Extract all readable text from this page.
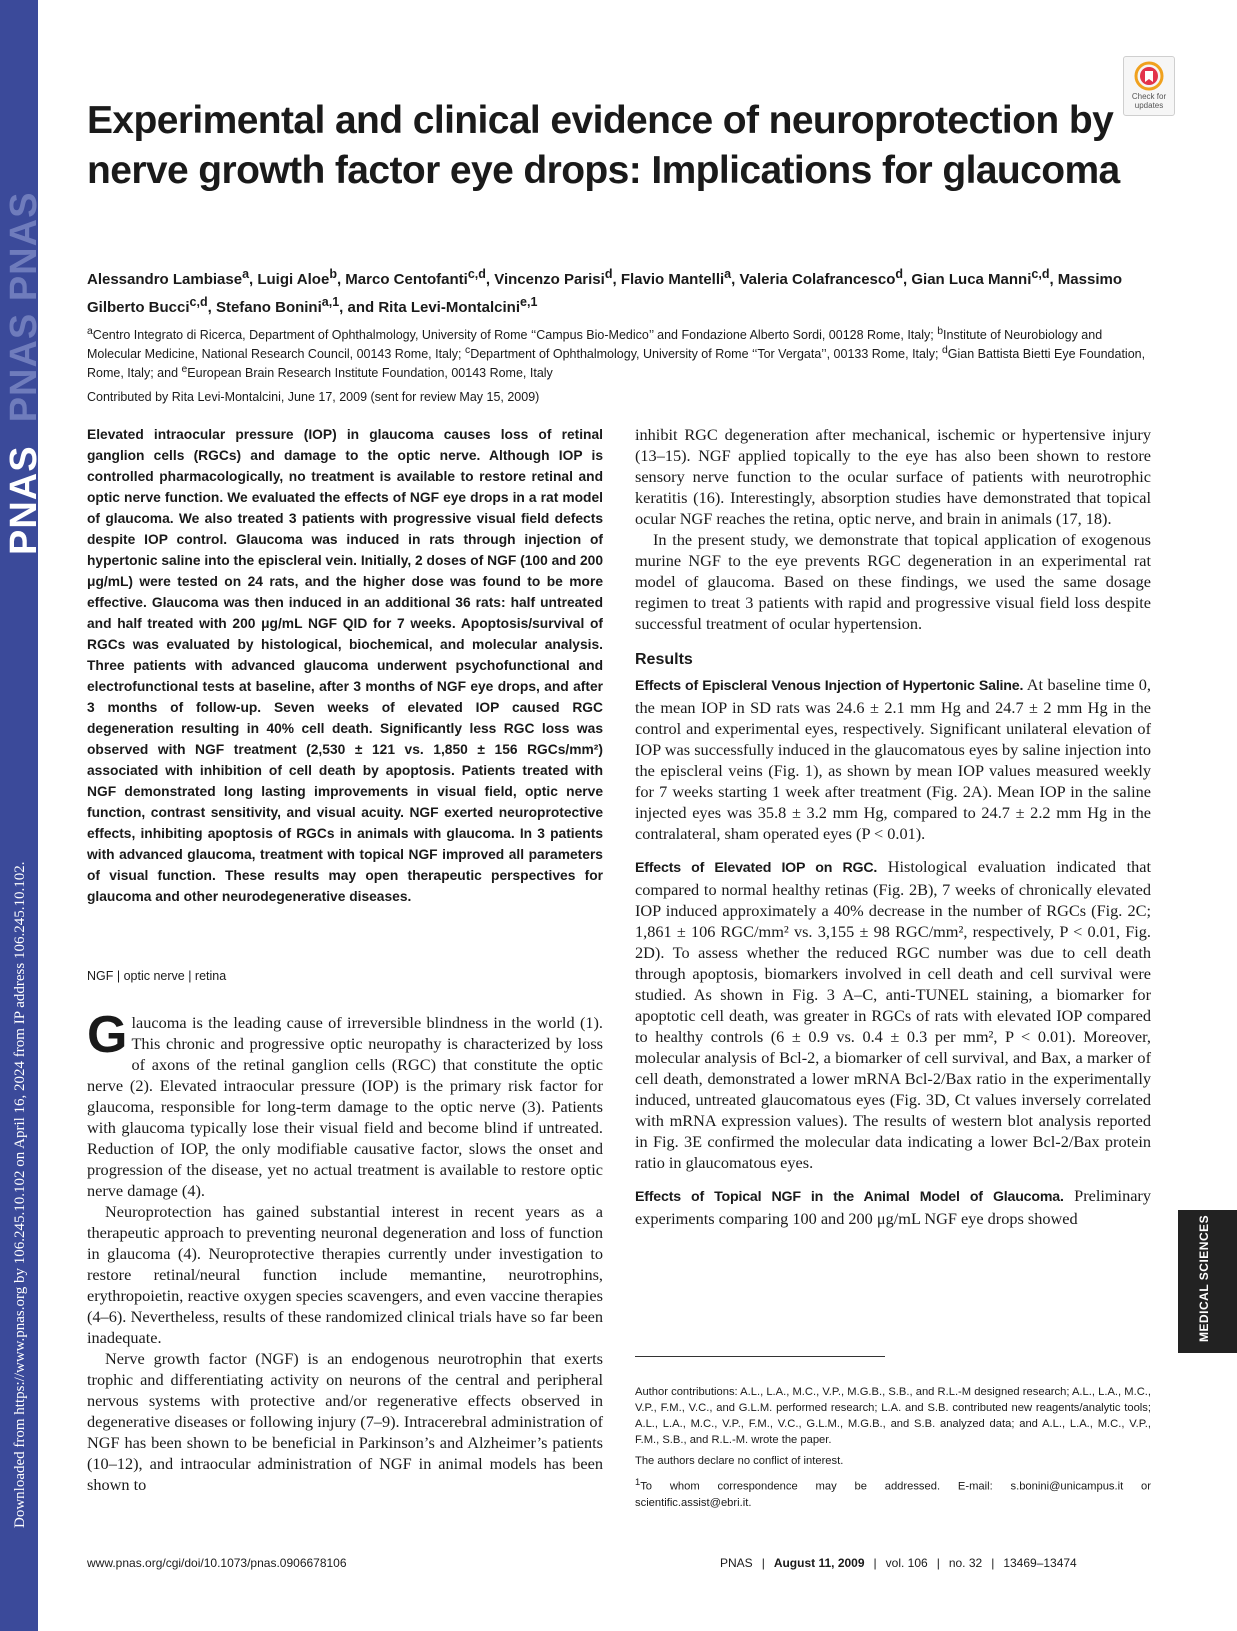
PNAS  PNAS PNAS
Downloaded from https://www.pnas.org by 106.245.10.102 on April 16, 2024 from IP address 106.245.10.102.
Check for
updates
Experimental and clinical evidence of neuroprotection by nerve growth factor eye drops: Implications for glaucoma
Alessandro Lambiase$^a$, Luigi Aloe$^b$, Marco Centofanti$^{c,d}$, Vincenzo Parisi$^d$, Flavio Mantelli$^a$, Valeria Colafrancesco$^d$, Gian Luca Manni$^{c,d}$, Massimo Gilberto Bucci$^{c,d}$, Stefano Bonini$^{a,1}$, and Rita Levi-Montalcini$^{e,1}$
$^a$Centro Integrato di Ricerca, Department of Ophthalmology, University of Rome ‘‘Campus Bio-Medico’’ and Fondazione Alberto Sordi, 00128 Rome, Italy; $^b$Institute of Neurobiology and Molecular Medicine, National Research Council, 00143 Rome, Italy; $^c$Department of Ophthalmology, University of Rome ‘‘Tor Vergata’’, 00133 Rome, Italy; $^d$Gian Battista Bietti Eye Foundation, Rome, Italy; and $^e$European Brain Research Institute Foundation, 00143 Rome, Italy
Contributed by Rita Levi-Montalcini, June 17, 2009 (sent for review May 15, 2009)

Elevated intraocular pressure (IOP) in glaucoma causes loss of retinal ganglion cells (RGCs) and damage to the optic nerve. Although IOP is controlled pharmacologically, no treatment is available to restore retinal and optic nerve function. We evaluated the effects of NGF eye drops in a rat model of glaucoma. We also treated 3 patients with progressive visual field defects despite IOP control. Glaucoma was induced in rats through injection of hypertonic saline into the episcleral vein. Initially, 2 doses of NGF (100 and 200 μg/mL) were tested on 24 rats, and the higher dose was found to be more effective. Glaucoma was then induced in an additional 36 rats: half untreated and half treated with 200 μg/mL NGF QID for 7 weeks. Apoptosis/survival of RGCs was evaluated by histological, biochemical, and molecular analysis. Three patients with advanced glaucoma underwent psychofunctional and electrofunctional tests at baseline, after 3 months of NGF eye drops, and after 3 months of follow-up. Seven weeks of elevated IOP caused RGC degeneration resulting in 40% cell death. Significantly less RGC loss was observed with NGF treatment (2,530 ± 121 vs. 1,850 ± 156 RGCs/mm²) associated with inhibition of cell death by apoptosis. Patients treated with NGF demonstrated long lasting improvements in visual field, optic nerve function, contrast sensitivity, and visual acuity. NGF exerted neuroprotective effects, inhibiting apoptosis of RGCs in animals with glaucoma. In 3 patients with advanced glaucoma, treatment with topical NGF improved all parameters of visual function. These results may open therapeutic perspectives for glaucoma and other neurodegenerative diseases.

NGF | optic nerve | retina

Glaucoma is the leading cause of irreversible blindness in the world (1). This chronic and progressive optic neuropathy is characterized by loss of axons of the retinal ganglion cells (RGC) that constitute the optic nerve (2). Elevated intraocular pressure (IOP) is the primary risk factor for glaucoma, responsible for long-term damage to the optic nerve (3). Patients with glaucoma typically lose their visual field and become blind if untreated. Reduction of IOP, the only modifiable causative factor, slows the onset and progression of the disease, yet no actual treatment is available to restore optic nerve damage (4).

Neuroprotection has gained substantial interest in recent years as a therapeutic approach to preventing neuronal degeneration and loss of function in glaucoma (4). Neuroprotective therapies currently under investigation to restore retinal/neural function include memantine, neurotrophins, erythropoietin, reactive oxygen species scavengers, and even vaccine therapies (4–6). Nevertheless, results of these randomized clinical trials have so far been inadequate.

Nerve growth factor (NGF) is an endogenous neurotrophin that exerts trophic and differentiating activity on neurons of the central and peripheral nervous systems with protective and/or regenerative effects observed in degenerative diseases or following injury (7–9). Intracerebral administration of NGF has been shown to be beneficial in Parkinson’s and Alzheimer’s patients (10–12), and intraocular administration of NGF in animal models has been shown to

inhibit RGC degeneration after mechanical, ischemic or hypertensive injury (13–15). NGF applied topically to the eye has also been shown to restore sensory nerve function to the ocular surface of patients with neurotrophic keratitis (16). Interestingly, absorption studies have demonstrated that topical ocular NGF reaches the retina, optic nerve, and brain in animals (17, 18).

In the present study, we demonstrate that topical application of exogenous murine NGF to the eye prevents RGC degeneration in an experimental rat model of glaucoma. Based on these findings, we used the same dosage regimen to treat 3 patients with rapid and progressive visual field loss despite successful treatment of ocular hypertension.

Results

Effects of Episcleral Venous Injection of Hypertonic Saline. At baseline time 0, the mean IOP in SD rats was 24.6 ± 2.1 mm Hg and 24.7 ± 2 mm Hg in the control and experimental eyes, respectively. Significant unilateral elevation of IOP was successfully induced in the glaucomatous eyes by saline injection into the episcleral veins (Fig. 1), as shown by mean IOP values measured weekly for 7 weeks starting 1 week after treatment (Fig. 2A). Mean IOP in the saline injected eyes was 35.8 ± 3.2 mm Hg, compared to 24.7 ± 2.2 mm Hg in the contralateral, sham operated eyes (P < 0.01).

Effects of Elevated IOP on RGC. Histological evaluation indicated that compared to normal healthy retinas (Fig. 2B), 7 weeks of chronically elevated IOP induced approximately a 40% decrease in the number of RGCs (Fig. 2C; 1,861 ± 106 RGC/mm² vs. 3,155 ± 98 RGC/mm², respectively, P < 0.01, Fig. 2D). To assess whether the reduced RGC number was due to cell death through apoptosis, biomarkers involved in cell death and cell survival were studied. As shown in Fig. 3 A–C, anti-TUNEL staining, a biomarker for apoptotic cell death, was greater in RGCs of rats with elevated IOP compared to healthy controls (6 ± 0.9 vs. 0.4 ± 0.3 per mm², P < 0.01). Moreover, molecular analysis of Bcl-2, a biomarker of cell survival, and Bax, a marker of cell death, demonstrated a lower mRNA Bcl-2/Bax ratio in the experimentally induced, untreated glaucomatous eyes (Fig. 3D, Ct values inversely correlated with mRNA expression values). The results of western blot analysis reported in Fig. 3E confirmed the molecular data indicating a lower Bcl-2/Bax protein ratio in glaucomatous eyes.

Effects of Topical NGF in the Animal Model of Glaucoma. Preliminary experiments comparing 100 and 200 μg/mL NGF eye drops showed

Author contributions: A.L., L.A., M.C., V.P., M.G.B., S.B., and R.L.-M designed research; A.L., L.A., M.C., V.P., F.M., V.C., and G.L.M. performed research; L.A. and S.B. contributed new reagents/analytic tools; A.L., L.A., M.C., V.P., F.M., V.C., G.L.M., M.G.B., and S.B. analyzed data; and A.L., L.A., M.C., V.P., F.M., S.B., and R.L.-M. wrote the paper.

The authors declare no conflict of interest.

$^1$To whom correspondence may be addressed. E-mail: s.bonini@unicampus.it or scientific.assist@ebri.it.

MEDICAL SCIENCES
www.pnas.org/cgi/doi/10.1073/pnas.0906678106	PNAS | August 11, 2009 | vol. 106 | no. 32 | 13469–13474
